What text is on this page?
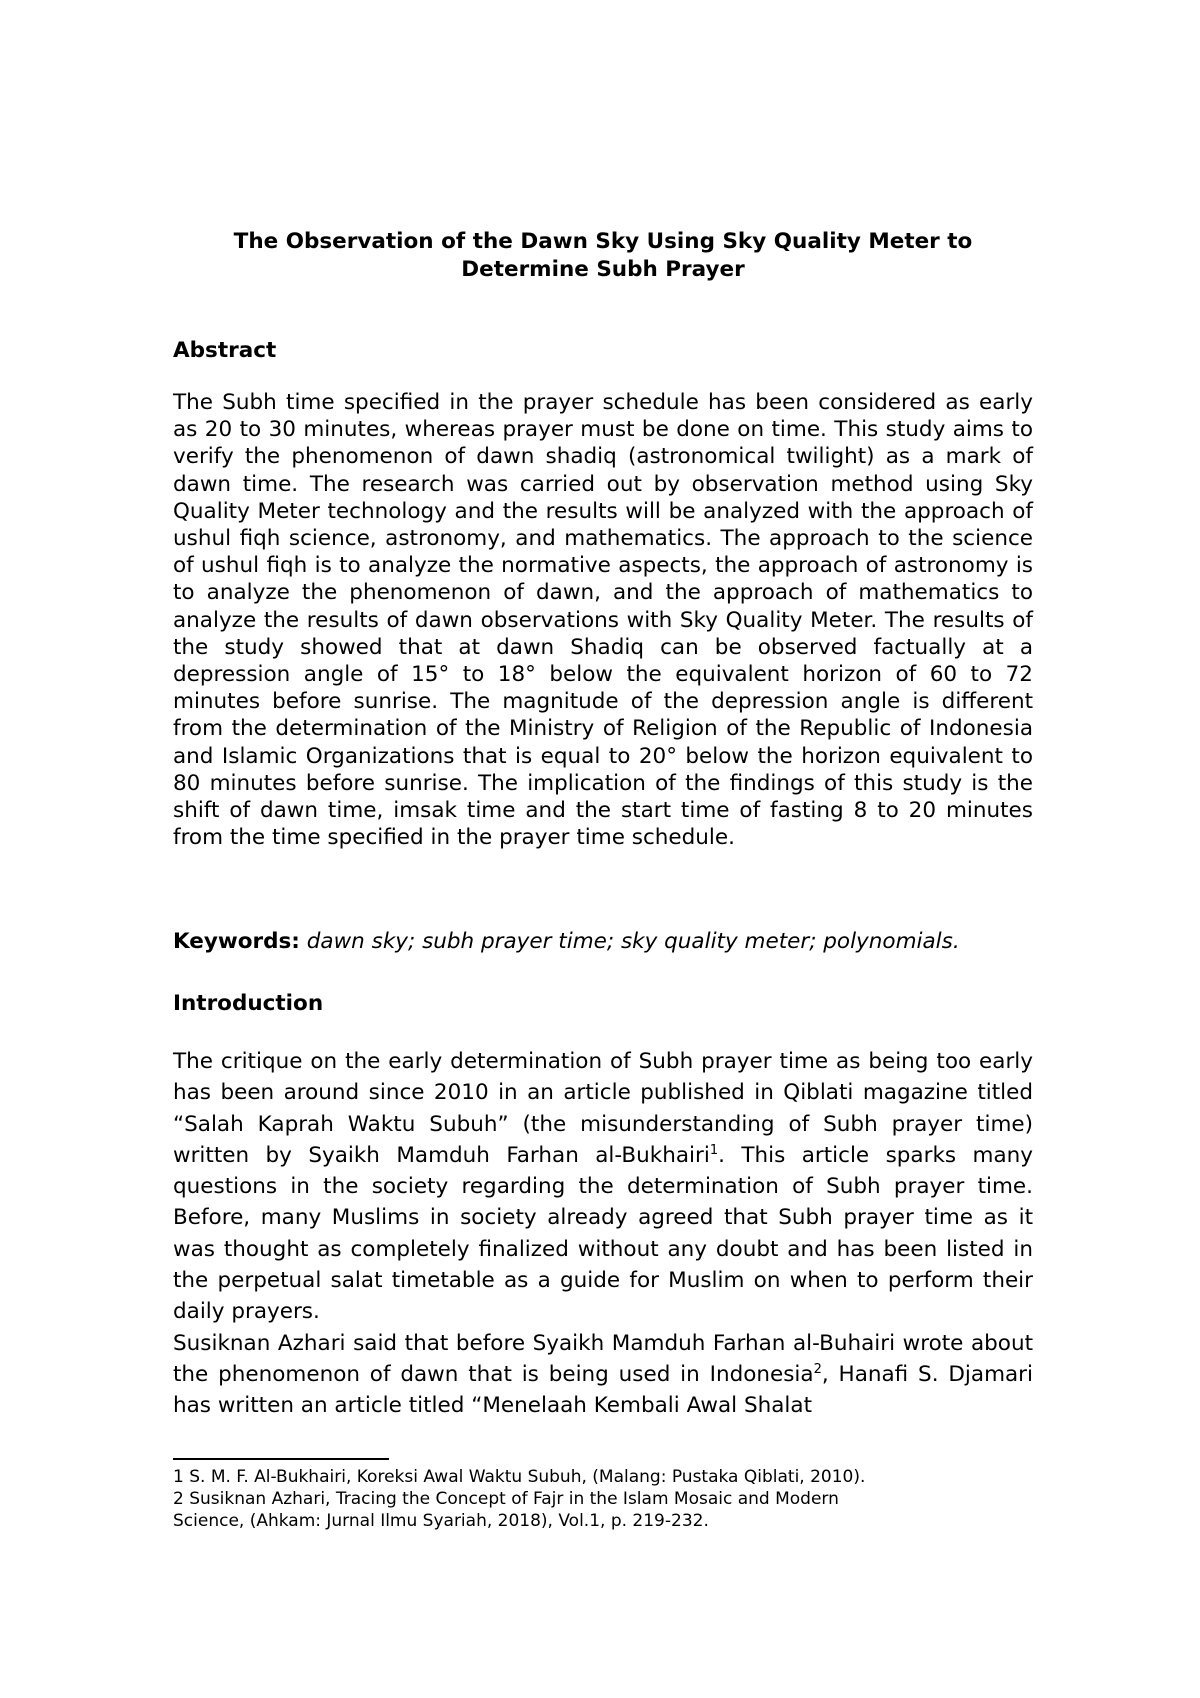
The Observation of the Dawn Sky Using Sky Quality Meter to
Determine Subh Prayer
Abstract
The Subh time specified in the prayer schedule has been considered as early as 20 to 30 minutes, whereas prayer must be done on time. This study aims to verify the phenomenon of dawn shadiq (astronomical twilight) as a mark of dawn time. The research was carried out by observation method using Sky Quality Meter technology and the results will be analyzed with the approach of ushul fiqh science, astronomy, and mathematics. The approach to the science of ushul fiqh is to analyze the normative aspects, the approach of astronomy is to analyze the phenomenon of dawn, and the approach of mathematics to analyze the results of dawn observations with Sky Quality Meter. The results of the study showed that at dawn Shadiq can be observed factually at a depression angle of 15° to 18° below the equivalent horizon of 60 to 72 minutes before sunrise. The magnitude of the depression angle is different from the determination of the Ministry of Religion of the Republic of Indonesia and Islamic Organizations that is equal to 20° below the horizon equivalent to 80 minutes before sunrise. The implication of the findings of this study is the shift of dawn time, imsak time and the start time of fasting 8 to 20 minutes from the time specified in the prayer time schedule.
Keywords: dawn sky; subh prayer time; sky quality meter; polynomials.
Introduction

The critique on the early determination of Subh prayer time as being too early has been around since 2010 in an article published in Qiblati magazine titled “Salah Kaprah Waktu Subuh” (the misunderstanding of Subh prayer time) written by Syaikh Mamduh Farhan al-Bukhairi$^1$. This article sparks many questions in the society regarding the determination of Subh prayer time. Before, many Muslims in society already agreed that Subh prayer time as it was thought as completely finalized without any doubt and has been listed in the perpetual salat timetable as a guide for Muslim on when to perform their daily prayers.

Susiknan Azhari said that before Syaikh Mamduh Farhan al-Buhairi wrote about the phenomenon of dawn that is being used in Indonesia$^2$, Hanafi S. Djamari has written an article titled “Menelaah Kembali Awal Shalat

1 S. M. F. Al-Bukhairi, Koreksi Awal Waktu Subuh, (Malang: Pustaka Qiblati, 2010).
2 Susiknan Azhari, Tracing the Concept of Fajr in the Islam Mosaic and Modern
Science, (Ahkam: Jurnal Ilmu Syariah, 2018), Vol.1, p. 219-232.
